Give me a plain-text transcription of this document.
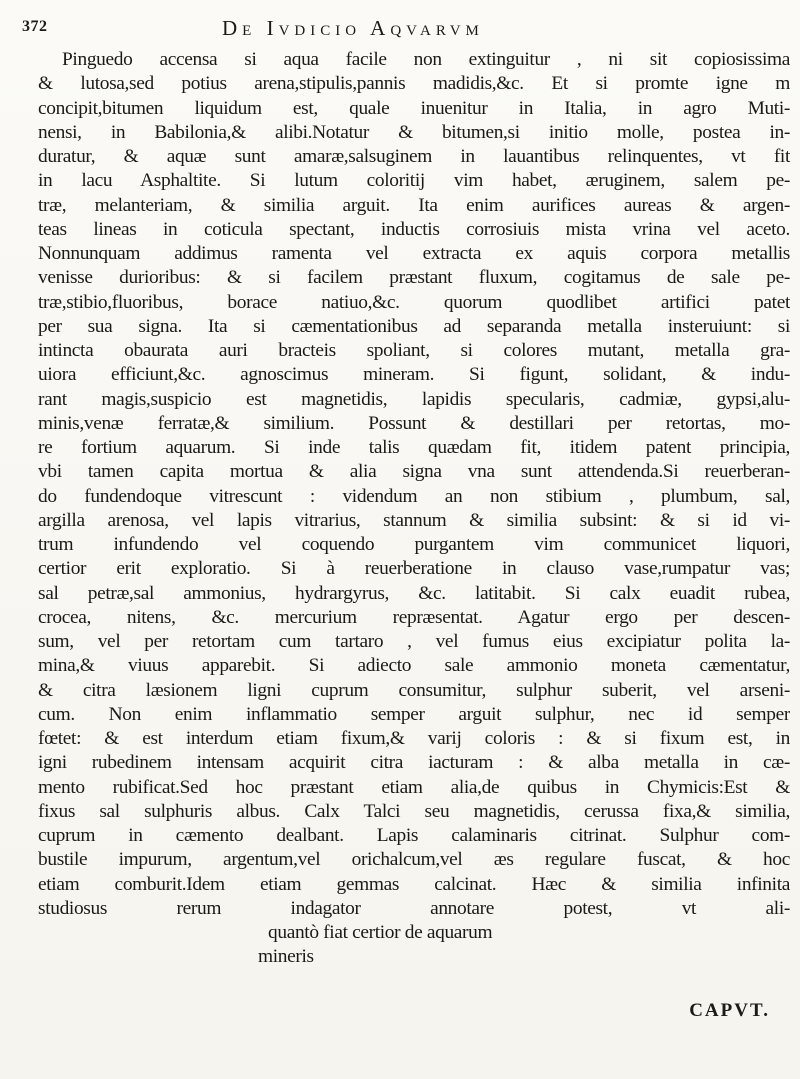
372	De Ivdicio Aqvarvm
Pinguedo accensa si aqua facile non extinguitur , ni sit copiosissima
& lutosa,sed potius arena,stipulis,pannis madidis,&c. Et si promte igne m
concipit,bitumen liquidum est, quale inuenitur in Italia, in agro Muti-
nensi, in Babilonia,& alibi.Notatur & bitumen,si initio molle, postea in-
duratur, & aquæ sunt amaræ,salsuginem in lauantibus relinquentes, vt fit
in lacu Asphaltite. Si lutum coloritij vim habet, æruginem, salem pe-
træ, melanteriam, & similia arguit. Ita enim aurifices aureas & argen-
teas lineas in coticula spectant, inductis corrosiuis mista vrina vel aceto.
Nonnunquam addimus ramenta vel extracta ex aquis corpora metallis
venisse durioribus: & si facilem præstant fluxum, cogitamus de sale pe-
træ,stibio,fluoribus, borace natiuo,&c. quorum quodlibet artifici patet
per sua signa. Ita si cæmentationibus ad separanda metalla insteruiunt: si
intincta obaurata auri bracteis spoliant, si colores mutant, metalla gra-
uiora efficiunt,&c. agnoscimus mineram. Si figunt, solidant, & indu-
rant magis,suspicio est magnetidis, lapidis specularis, cadmiæ, gypsi,alu-
minis,venæ ferratæ,& similium. Possunt & destillari per retortas, mo-
re fortium aquarum. Si inde talis quædam fit, itidem patent principia,
vbi tamen capita mortua & alia signa vna sunt attendenda.Si reuerberan-
do fundendoque vitrescunt : videndum an non stibium , plumbum, sal,
argilla arenosa, vel lapis vitrarius, stannum & similia subsint: & si id vi-
trum infundendo vel coquendo purgantem vim communicet liquori,
certior erit exploratio. Si à reuerberatione in clauso vase,rumpatur vas;
sal petræ,sal ammonius, hydrargyrus, &c. latitabit. Si calx euadit rubea,
crocea, nitens, &c. mercurium repræsentat. Agatur ergo per descen-
sum, vel per retortam cum tartaro , vel fumus eius excipiatur polita la-
mina,& viuus apparebit. Si adiecto sale ammonio moneta cæmentatur,
& citra læsionem ligni cuprum consumitur, sulphur suberit, vel arseni-
cum. Non enim inflammatio semper arguit sulphur, nec id semper
fœtet: & est interdum etiam fixum,& varij coloris : & si fixum est, in
igni rubedinem intensam acquirit citra iacturam : & alba metalla in cæ-
mento rubificat.Sed hoc præstant etiam alia,de quibus in Chymicis:Est &
fixus sal sulphuris albus. Calx Talci seu magnetidis, cerussa fixa,& similia,
cuprum in cæmento dealbant. Lapis calaminaris citrinat. Sulphur com-
bustile impurum, argentum,vel orichalcum,vel æs regulare fuscat, & hoc
etiam comburit.Idem etiam gemmas calcinat. Hæc & similia infinita
studiosus rerum indagator annotare potest, vt ali-
quantò fiat certior de aquarum
mineris
CAPVT.
